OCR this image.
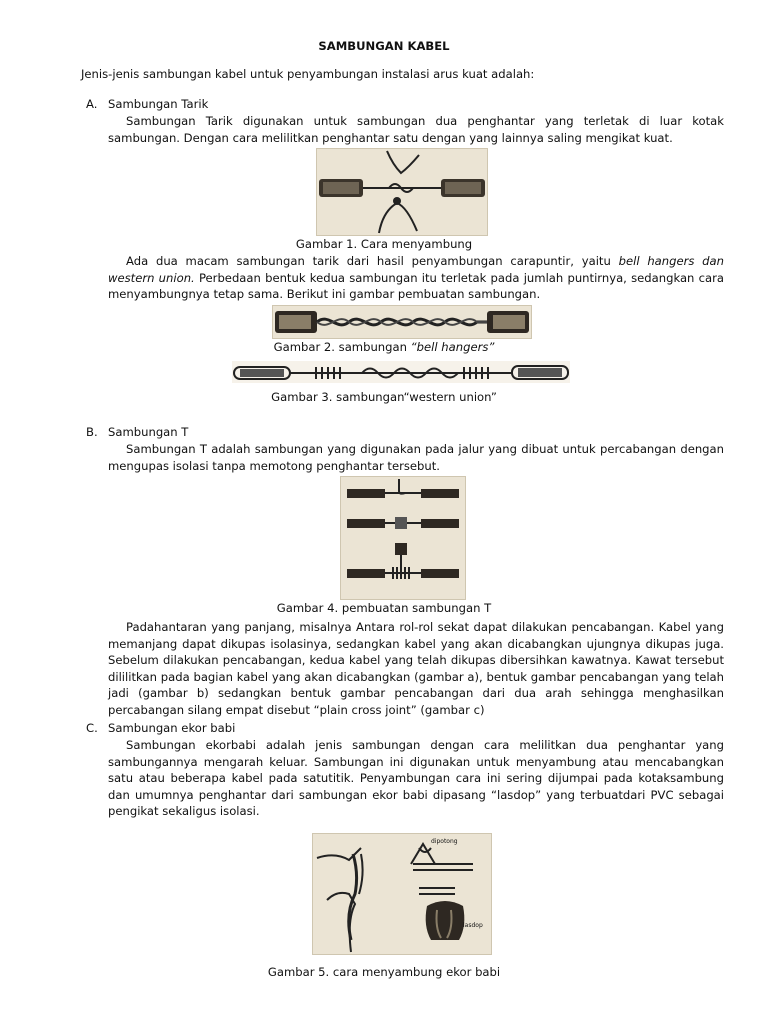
SAMBUNGAN KABEL
Jenis-jenis sambungan kabel untuk penyambungan instalasi arus kuat adalah:
A. Sambungan Tarik
Sambungan Tarik digunakan untuk sambungan dua penghantar yang terletak di luar kotak sambungan. Dengan cara melilitkan penghantar satu dengan yang lainnya saling mengikat kuat.
Gambar 1. Cara menyambung
Ada dua macam sambungan tarik dari hasil penyambungan carapuntir, yaitu bell hangers dan western union. Perbedaan bentuk kedua sambungan itu terletak pada jumlah puntirnya, sedangkan cara menyambungnya tetap sama. Berikut ini gambar pembuatan sambungan.
Gambar 2. sambungan “bell hangers”
Gambar 3. sambungan“western union”
B. Sambungan T
Sambungan T adalah sambungan yang digunakan pada jalur yang dibuat untuk percabangan dengan mengupas isolasi tanpa memotong penghantar tersebut.
Gambar 4. pembuatan sambungan T
Padahantaran yang panjang, misalnya Antara rol-rol sekat dapat dilakukan pencabangan. Kabel yang memanjang dapat dikupas isolasinya, sedangkan kabel yang akan dicabangkan ujungnya dikupas juga. Sebelum dilakukan pencabangan, kedua kabel yang telah dikupas dibersihkan kawatnya. Kawat tersebut dililitkan pada bagian kabel yang akan dicabangkan (gambar a), bentuk gambar pencabangan yang telah jadi (gambar b) sedangkan bentuk gambar pencabangan dari dua arah sehingga menghasilkan percabangan silang empat disebut “plain cross joint” (gambar c)
C. Sambungan ekor babi
Sambungan ekorbabi adalah jenis sambungan dengan cara melilitkan dua penghantar yang sambungannya mengarah keluar. Sambungan ini digunakan untuk menyambung atau mencabangkan satu atau beberapa kabel pada satutitik. Penyambungan cara ini sering dijumpai pada kotaksambung dan umumnya penghantar dari sambungan ekor babi dipasang “lasdop” yang terbuatdari PVC sebagai pengikat sekaligus isolasi.
dipotong
lasdop
Gambar 5. cara menyambung ekor babi
